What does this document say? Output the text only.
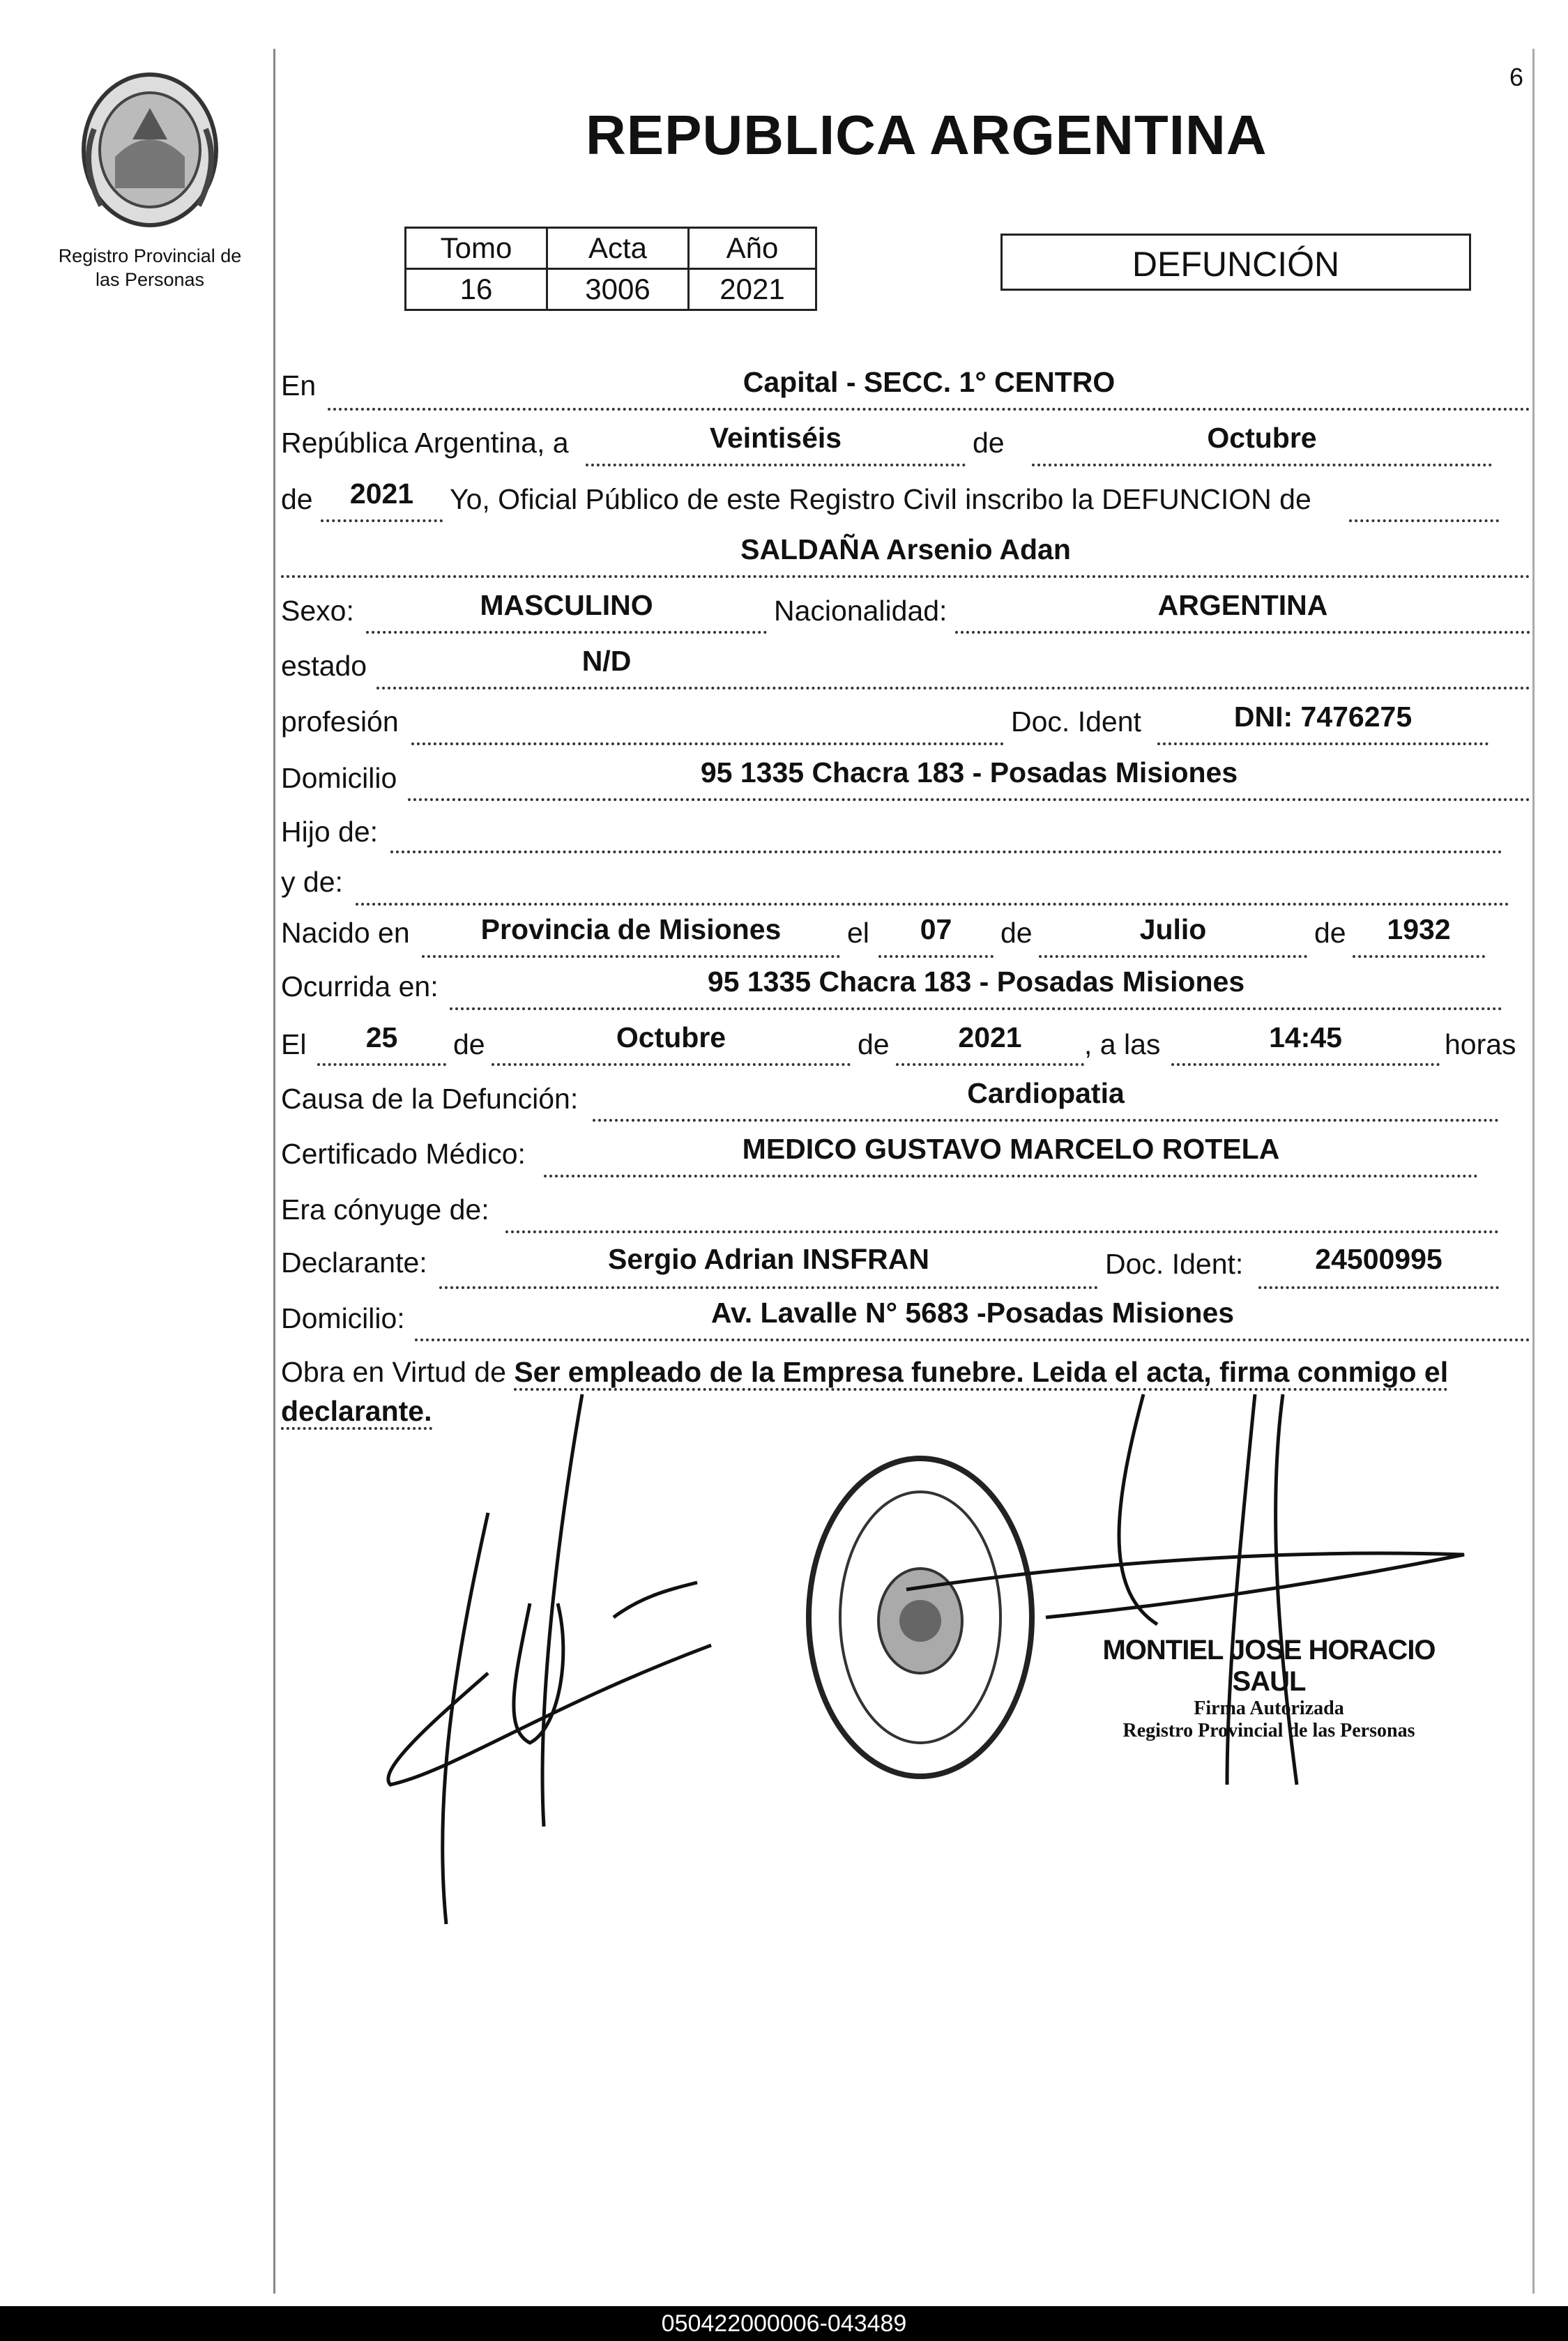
6
Registro Provincial de
las Personas
REPUBLICA ARGENTINA
Tomo	Acta	Año
16	3006	2021
DEFUNCIÓN
En	Capital - SECC. 1° CENTRO
República Argentina, a	Veintiséis	de	Octubre
de	2021	Yo, Oficial Público de este Registro Civil inscribo la DEFUNCION de
SALDAÑA Arsenio Adan
Sexo:	MASCULINO	Nacionalidad:	ARGENTINA
estado	N/D
profesión	Doc. Ident	DNI: 7476275
Domicilio	95 1335 Chacra 183 - Posadas Misiones
Hijo de:
y de:
Nacido en	Provincia de Misiones	el	07	de	Julio	de	1932
Ocurrida en:	95 1335 Chacra 183 - Posadas Misiones
El	25	de	Octubre	de	2021	, a las	14:45	horas
Causa de la Defunción:	Cardiopatia
Certificado Médico:	MEDICO GUSTAVO MARCELO ROTELA
Era cónyuge de:
Declarante:	Sergio Adrian INSFRAN	Doc. Ident:	24500995
Domicilio:	Av. Lavalle N° 5683 -Posadas Misiones
Obra en Virtud de Ser empleado de la Empresa funebre. Leida el acta, firma conmigo el declarante.
MONTIEL JOSE HORACIO SAUL
Firma Autorizada
Registro Provincial de las Personas
050422000006-043489
